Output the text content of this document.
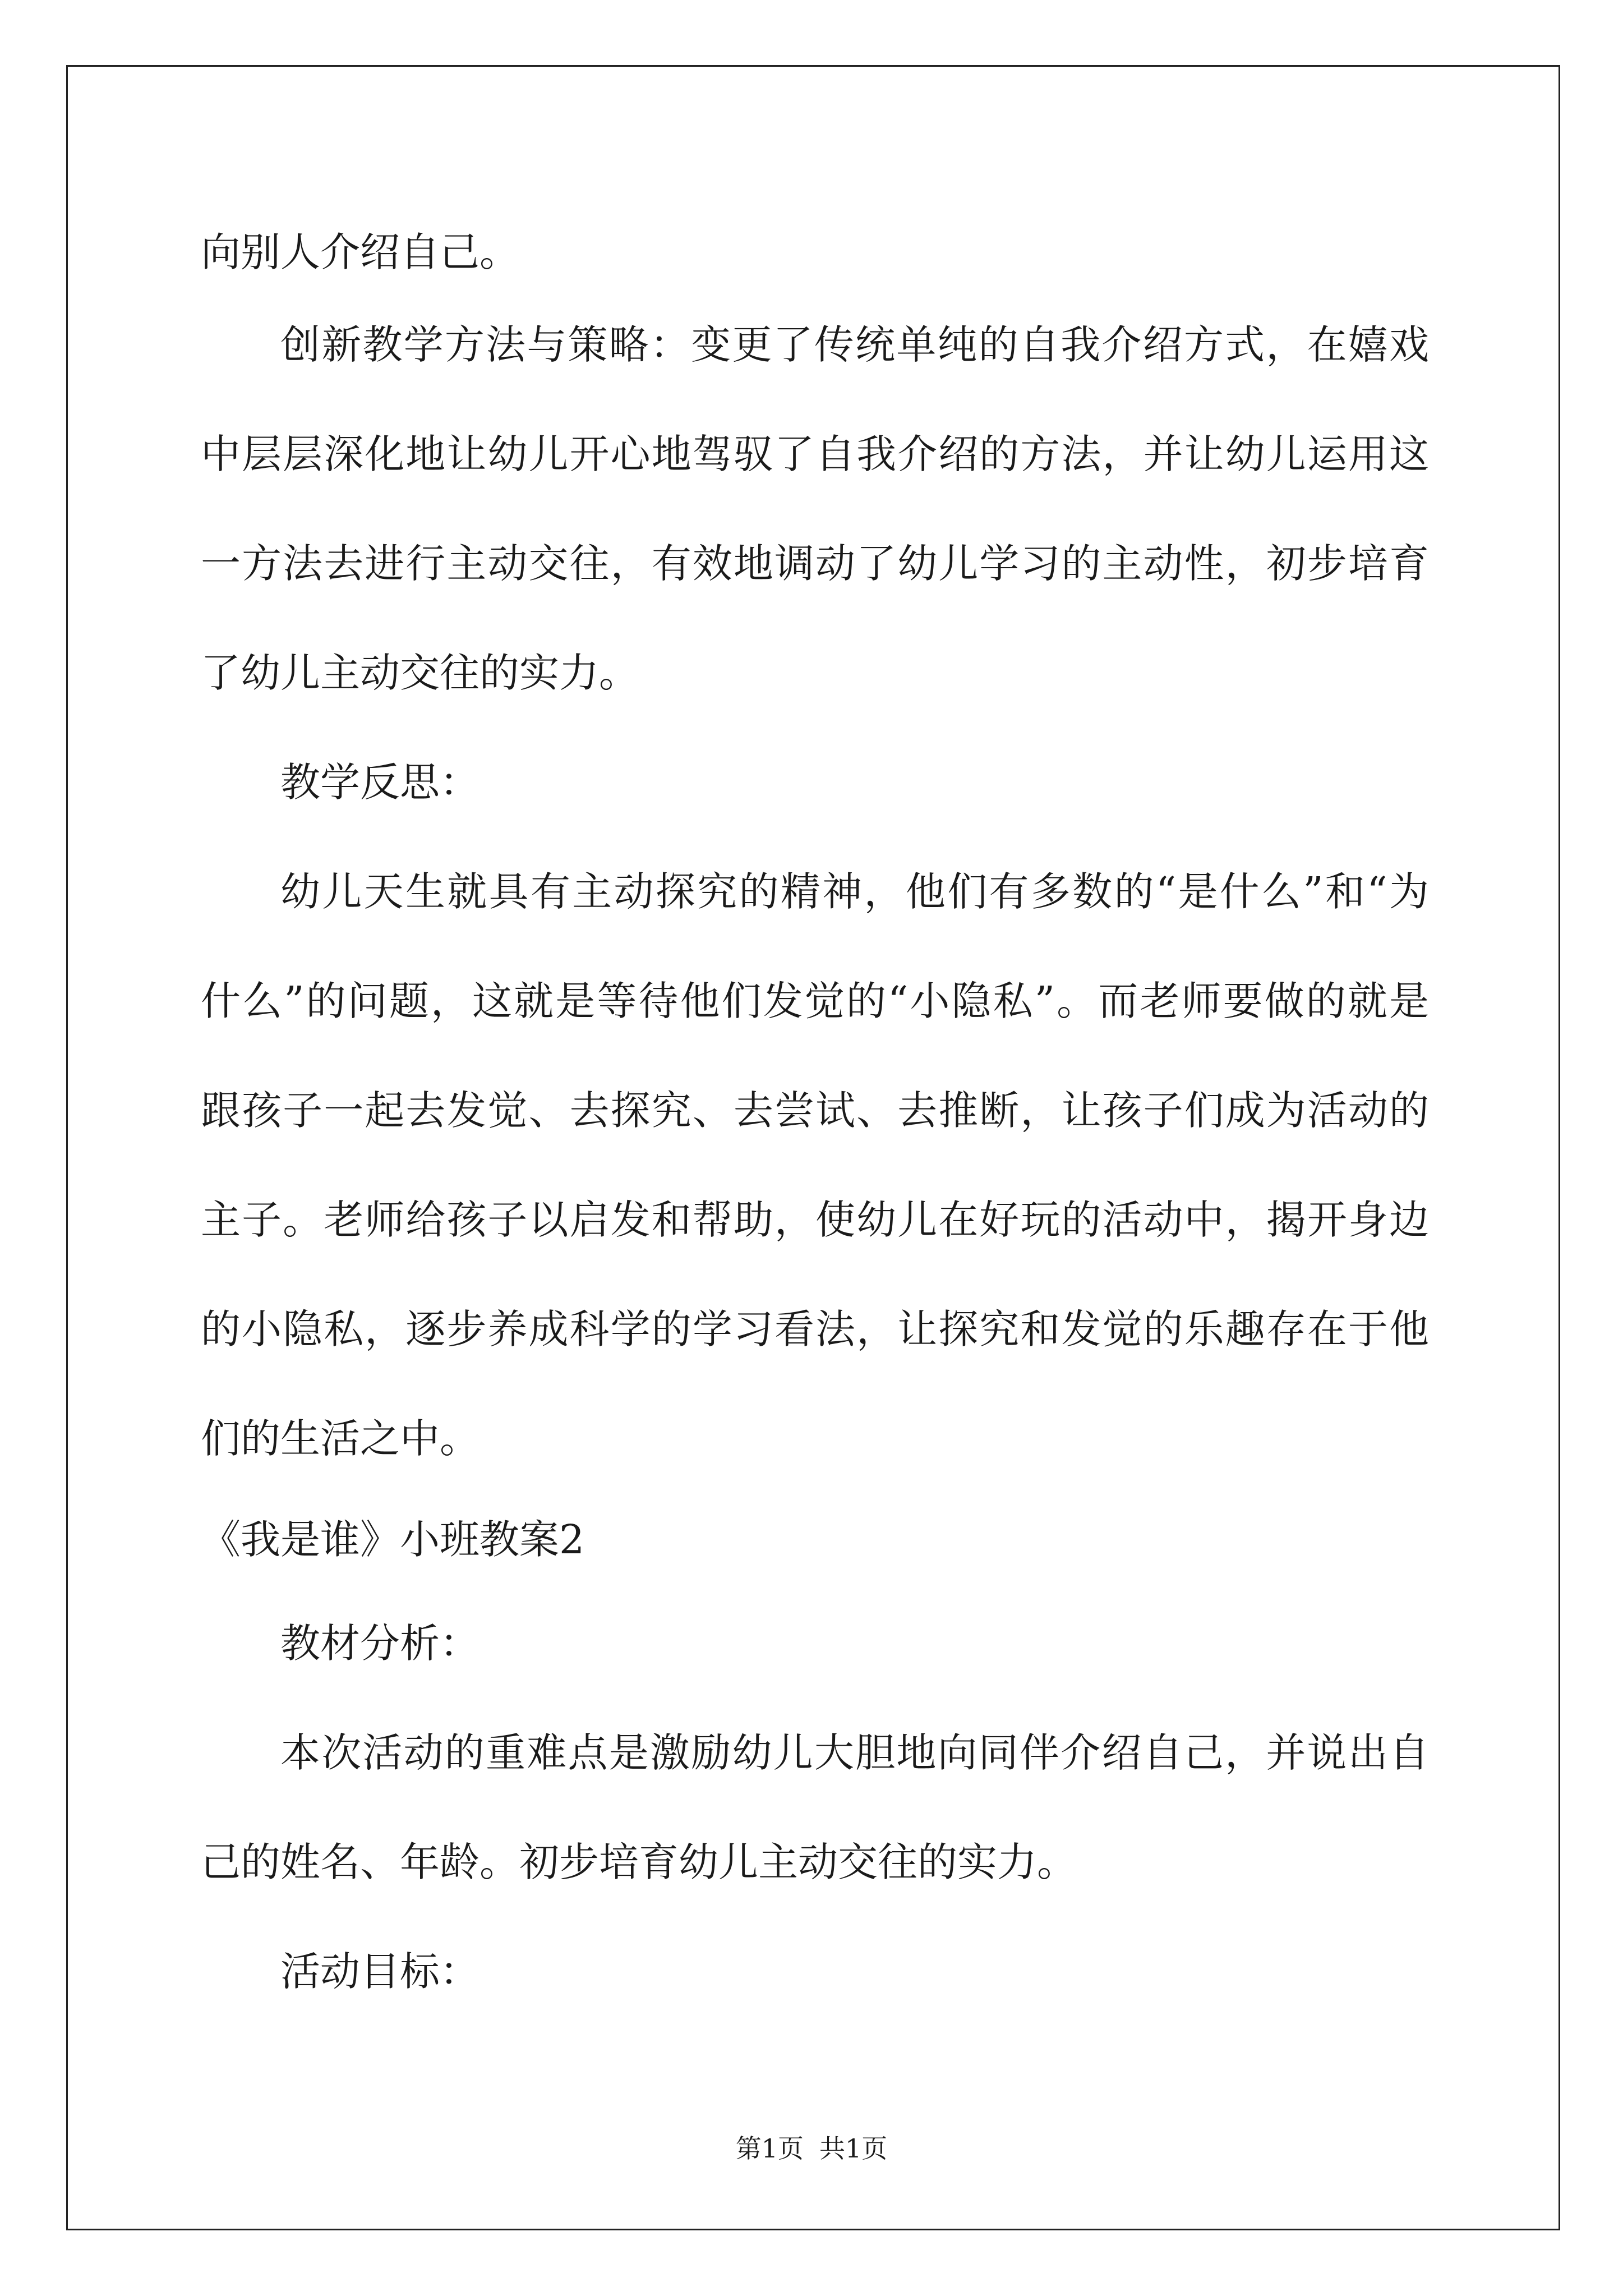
向别人介绍自己。
创新教学方法与策略：变更了传统单纯的自我介绍方式，在嬉戏
中层层深化地让幼儿开心地驾驭了自我介绍的方法，并让幼儿运用这
一方法去进行主动交往，有效地调动了幼儿学习的主动性，初步培育
了幼儿主动交往的实力。
教学反思：
幼儿天生就具有主动探究的精神，他们有多数的“是什么”和“为
什么”的问题，这就是等待他们发觉的“小隐私”。而老师要做的就是
跟孩子一起去发觉、去探究、去尝试、去推断，让孩子们成为活动的
主子。老师给孩子以启发和帮助，使幼儿在好玩的活动中，揭开身边
的小隐私，逐步养成科学的学习看法，让探究和发觉的乐趣存在于他
们的生活之中。
《我是谁》小班教案2
教材分析：
本次活动的重难点是激励幼儿大胆地向同伴介绍自己，并说出自
己的姓名、年龄。初步培育幼儿主动交往的实力。
活动目标：
第1页 共1页
